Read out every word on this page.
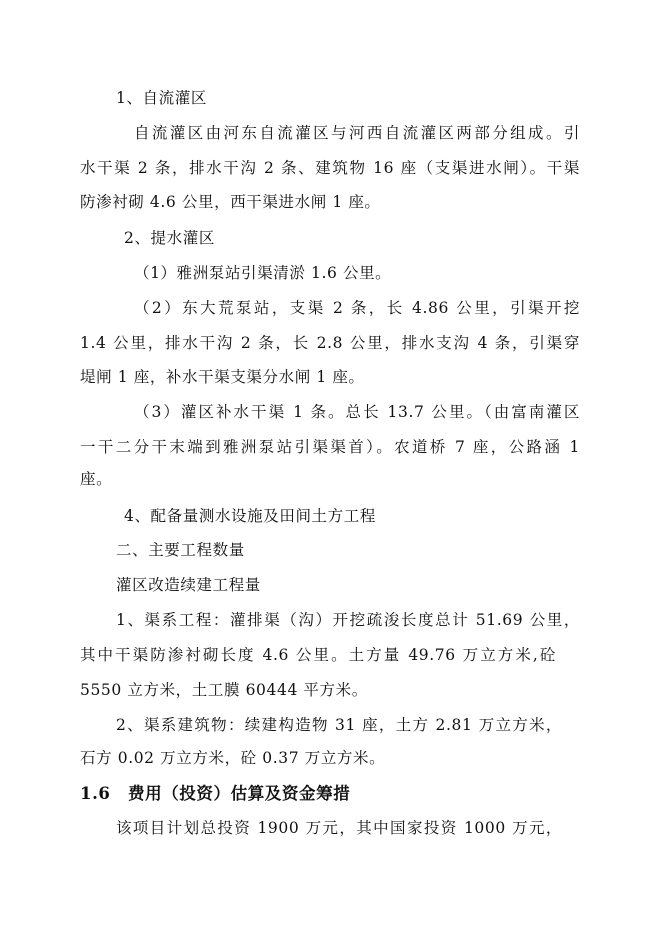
1、自流灌区
自流灌区由河东自流灌区与河西自流灌区两部分组成。引
水干渠 2 条，排水干沟 2 条、建筑物 16 座（支渠进水闸）。干渠
防渗衬砌 4.6 公里，西干渠进水闸 1 座。
2、提水灌区
（1）雅洲泵站引渠清淤 1.6 公里。
（2）东大荒泵站，支渠 2 条，长 4.86 公里，引渠开挖
1.4 公里，排水干沟 2 条，长 2.8 公里，排水支沟 4 条，引渠穿
堤闸 1 座，补水干渠支渠分水闸 1 座。
（3）灌区补水干渠 1 条。总长 13.7 公里。（由富南灌区
一干二分干末端到雅洲泵站引渠渠首）。农道桥 7 座，公路涵 1
座。
4、配备量测水设施及田间土方工程
二、主要工程数量
灌区改造续建工程量
1、渠系工程：灌排渠（沟）开挖疏浚长度总计 51.69 公里，
其中干渠防渗衬砌长度 4.6 公里。土方量 49.76 万立方米,砼
5550 立方米，土工膜 60444 平方米。
2、渠系建筑物：续建构造物 31 座，土方 2.81 万立方米，
石方 0.02 万立方米，砼 0.37 万立方米。
1.6 费用（投资）估算及资金筹措
该项目计划总投资 1900 万元，其中国家投资 1000 万元，
